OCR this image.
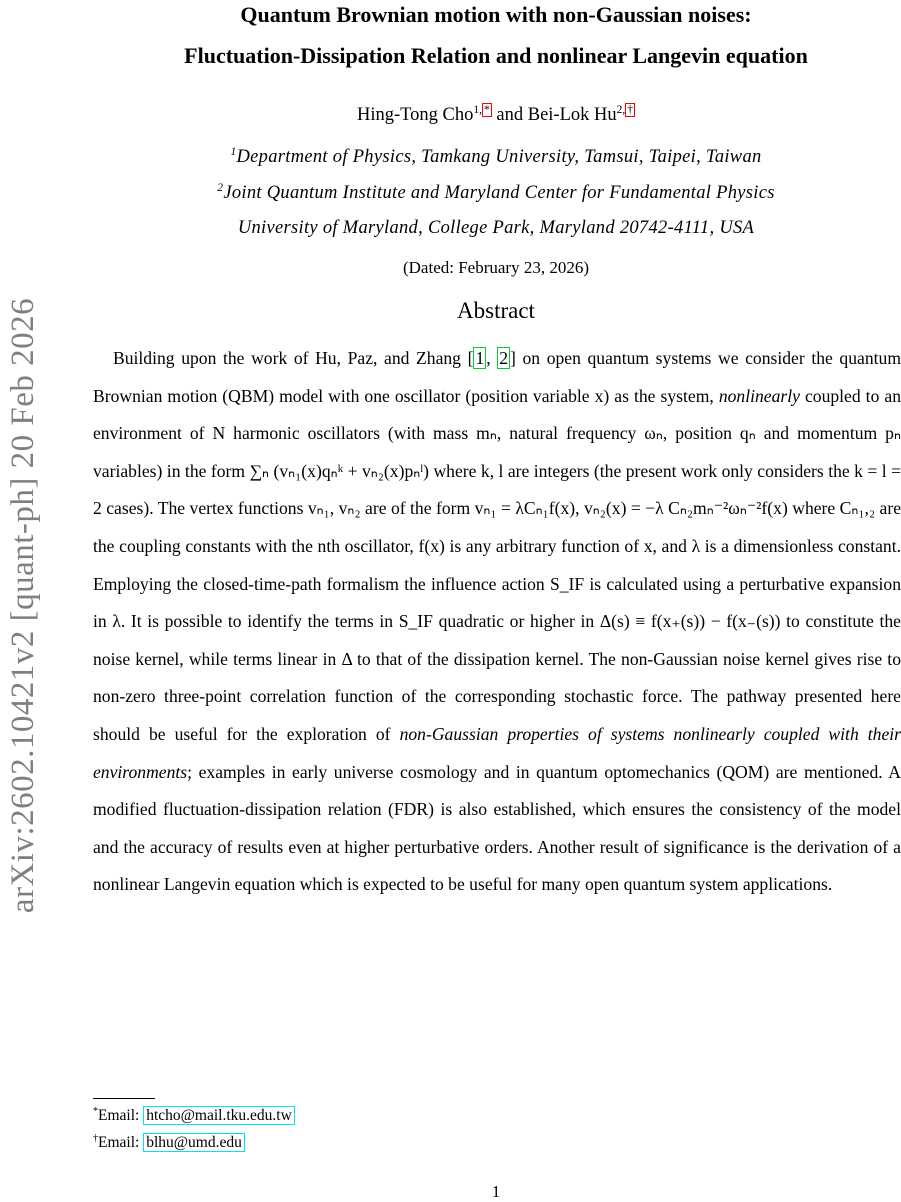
arXiv:2602.10421v2 [quant-ph] 20 Feb 2026
Quantum Brownian motion with non-Gaussian noises:
Fluctuation-Dissipation Relation and nonlinear Langevin equation
Hing-Tong Cho$^{1, *}$ and Bei-Lok $Hu^{2, \dagger}$
$^1$Department of Physics, Tamkang University, Tamsui, Taipei, Taiwan
$^2$Joint Quantum Institute and Maryland Center for Fundamental Physics
University of Maryland, College Park, Maryland 20742-4111, USA
(Dated: February 23, 2026)
Abstract

Building upon the work of Hu, Paz, and Zhang [ 1 , 2 ] on open quantum systems we consider the quantum Brownian motion (QBM) model with one oscillator (position variable x) as the system, nonlinearly coupled to an environment of N harmonic oscillators (with mass mₙ, natural frequency ωₙ, position qₙ and momentum pₙ variables) in the form ∑ₙ (vₙ₁(x)qₙᵏ + vₙ₂(x)pₙˡ) where k, l are integers (the present work only considers the k = l = 2 cases). The vertex functions vₙ₁, vₙ₂ are of the form vₙ₁ = λCₙ₁f(x), vₙ₂(x) = −λ Cₙ₂mₙ⁻²ωₙ⁻²f(x) where Cₙ₁,₂ are the coupling constants with the nth oscillator, f(x) is any arbitrary function of x, and λ is a dimensionless constant. Employing the closed-time-path formalism the influence action S_IF is calculated using a perturbative expansion in λ. It is possible to identify the terms in S_IF quadratic or higher in Δ(s) ≡ f(x₊(s)) − f(x₋(s)) to constitute the noise kernel, while terms linear in Δ to that of the dissipation kernel. The non-Gaussian noise kernel gives rise to non-zero three-point correlation function of the corresponding stochastic force. The pathway presented here should be useful for the exploration of non-Gaussian properties of systems nonlinearly coupled with their environments; examples in early universe cosmology and in quantum optomechanics (QOM) are mentioned. A modified fluctuation-dissipation relation (FDR) is also established, which ensures the consistency of the model and the accuracy of results even at higher perturbative orders. Another result of significance is the derivation of a nonlinear Langevin equation which is expected to be useful for many open quantum system applications.

*Email: htcho@mail.tku.edu.tw
†Email: blhu@umd.edu
1
